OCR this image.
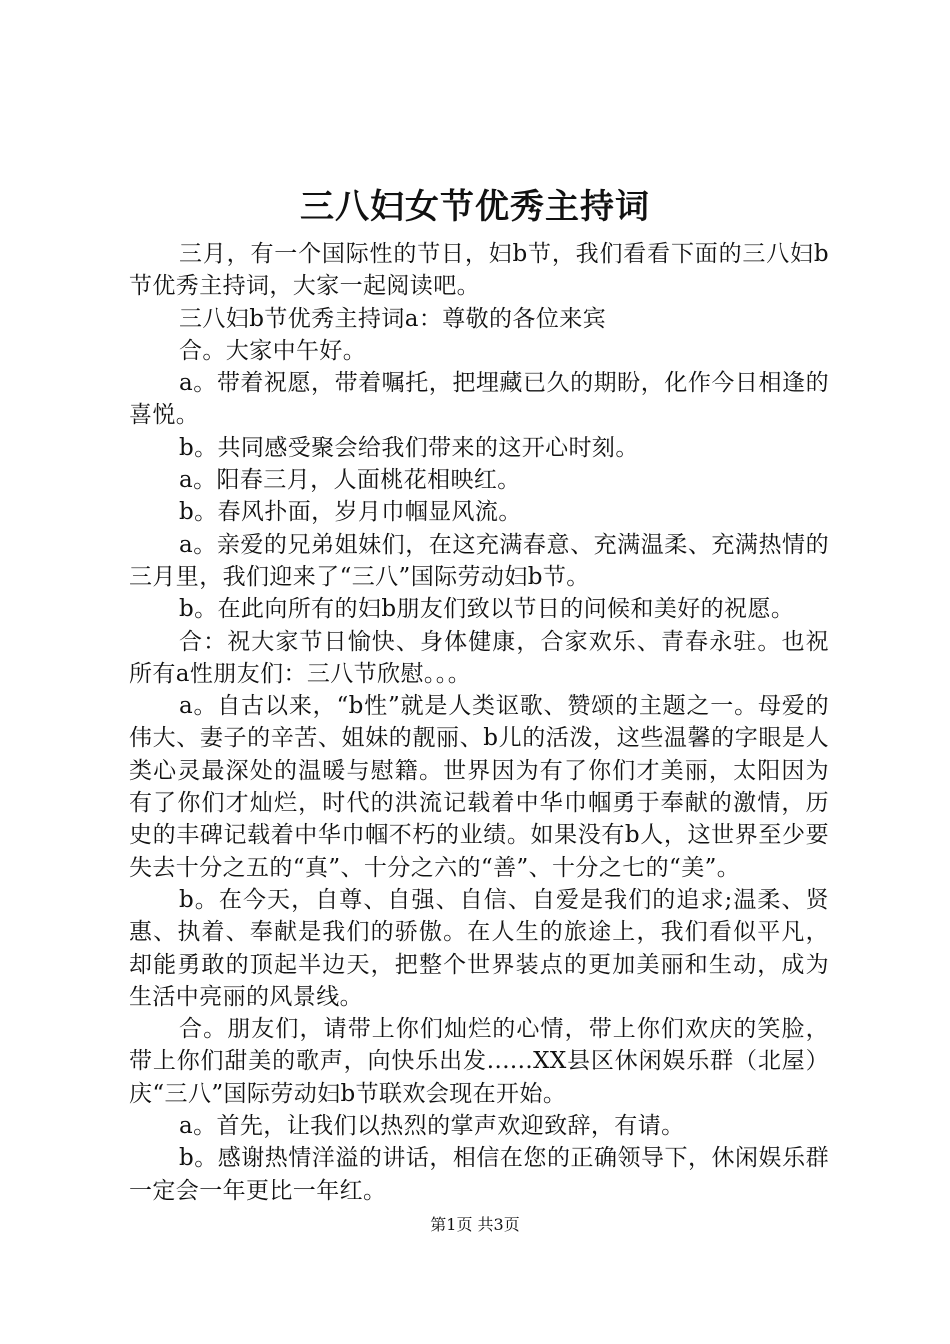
三八妇女节优秀主持词

三月，有一个国际性的节日，妇b节，我们看看下面的三八妇b节优秀主持词，大家一起阅读吧。

三八妇b节优秀主持词a：尊敬的各位来宾

合。大家中午好。

a。带着祝愿，带着嘱托，把埋藏已久的期盼，化作今日相逢的喜悦。

b。共同感受聚会给我们带来的这开心时刻。

a。阳春三月，人面桃花相映红。

b。春风扑面，岁月巾帼显风流。

a。亲爱的兄弟姐妹们，在这充满春意、充满温柔、充满热情的三月里，我们迎来了“三八”国际劳动妇b节。

b。在此向所有的妇b朋友们致以节日的问候和美好的祝愿。

合：祝大家节日愉快、身体健康，合家欢乐、青春永驻。也祝所有a性朋友们：三八节欣慰。。。

a。自古以来，“b性”就是人类讴歌、赞颂的主题之一。母爱的伟大、妻子的辛苦、姐妹的靓丽、b儿的活泼，这些温馨的字眼是人类心灵最深处的温暖与慰籍。世界因为有了你们才美丽，太阳因为有了你们才灿烂，时代的洪流记载着中华巾帼勇于奉献的激情，历史的丰碑记载着中华巾帼不朽的业绩。如果没有b人，这世界至少要失去十分之五的“真”、十分之六的“善”、十分之七的“美”。

b。在今天，自尊、自强、自信、自爱是我们的追求;温柔、贤惠、执着、奉献是我们的骄傲。在人生的旅途上，我们看似平凡，却能勇敢的顶起半边天，把整个世界装点的更加美丽和生动，成为生活中亮丽的风景线。

合。朋友们，请带上你们灿烂的心情，带上你们欢庆的笑脸，带上你们甜美的歌声，向快乐出发......XX县区休闲娱乐群（北屋）庆“三八”国际劳动妇b节联欢会现在开始。

a。首先，让我们以热烈的掌声欢迎致辞，有请。

b。感谢热情洋溢的讲话，相信在您的正确领导下，休闲娱乐群一定会一年更比一年红。

第1页 共3页
